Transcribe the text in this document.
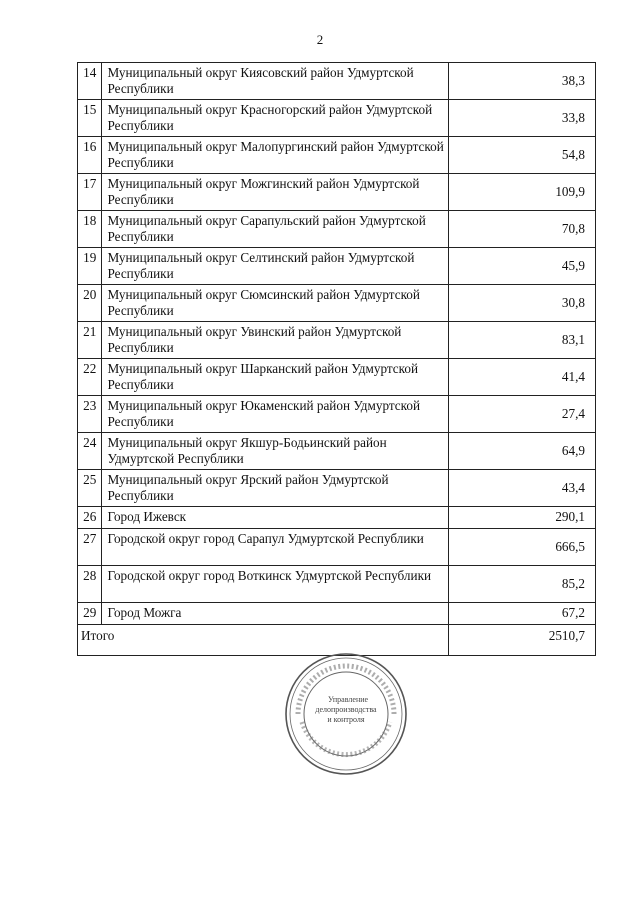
2
14	Муниципальный округ Киясовский район Удмуртской Республики	38,3
15	Муниципальный округ Красногорский район Удмуртской Республики	33,8
16	Муниципальный округ Малопургинский район Удмуртской Республики	54,8
17	Муниципальный округ Можгинский район Удмуртской Республики	109,9
18	Муниципальный округ Сарапульский район Удмуртской Республики	70,8
19	Муниципальный округ Селтинский район Удмуртской Республики	45,9
20	Муниципальный округ Сюмсинский район Удмуртской Республики	30,8
21	Муниципальный округ Увинский район Удмуртской Республики	83,1
22	Муниципальный округ Шарканский район Удмуртской Республики	41,4
23	Муниципальный округ Юкаменский район Удмуртской Республики	27,4
24	Муниципальный округ Якшур-Бодьинский район Удмуртской Республики	64,9
25	Муниципальный округ Ярский район Удмуртской Республики	43,4
26	Город Ижевск	290,1
27	Городской округ город Сарапул Удмуртской Республики	666,5
28	Городской округ город Воткинск Удмуртской Республики	85,2
29	Город Можга	67,2
Итого		2510,7
Управление
делопроизводства
и контроля
